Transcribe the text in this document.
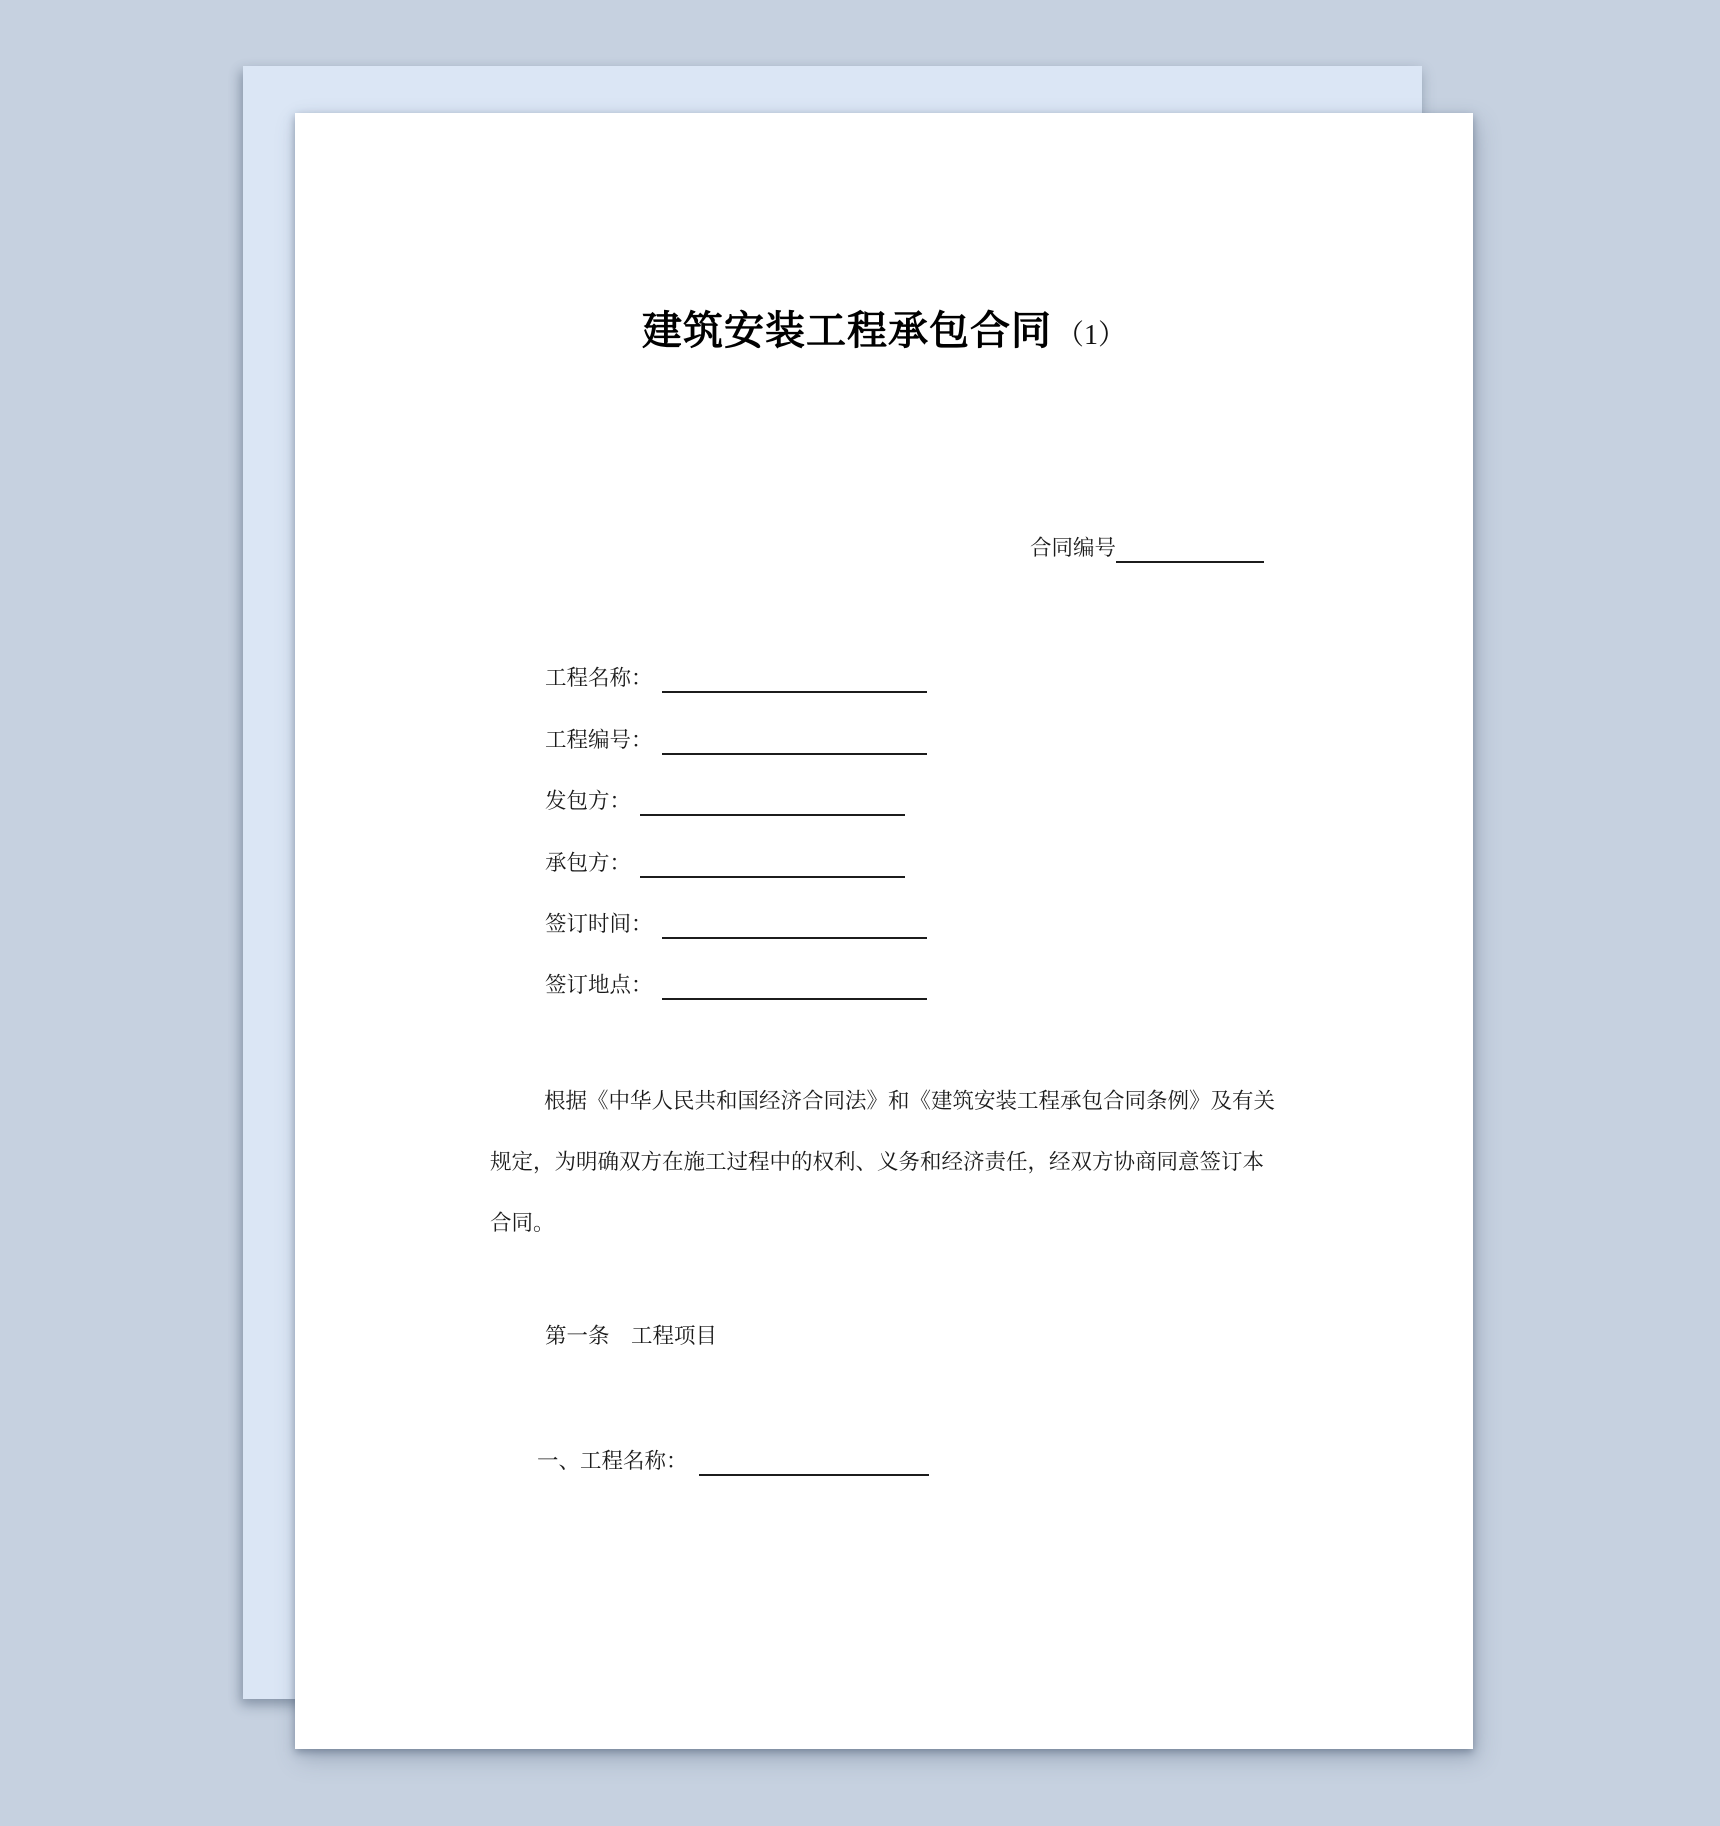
建筑安装工程承包合同 （1）
合同编号
工程名称：
工程编号：
发包方：
承包方：
签订时间：
签订地点：
根据《中华人民共和国经济合同法》和《建筑安装工程承包合同条例》及有关
规定，为明确双方在施工过程中的权利、义务和经济责任，经双方协商同意签订本
合同。
第一条　工程项目
一、工程名称：
